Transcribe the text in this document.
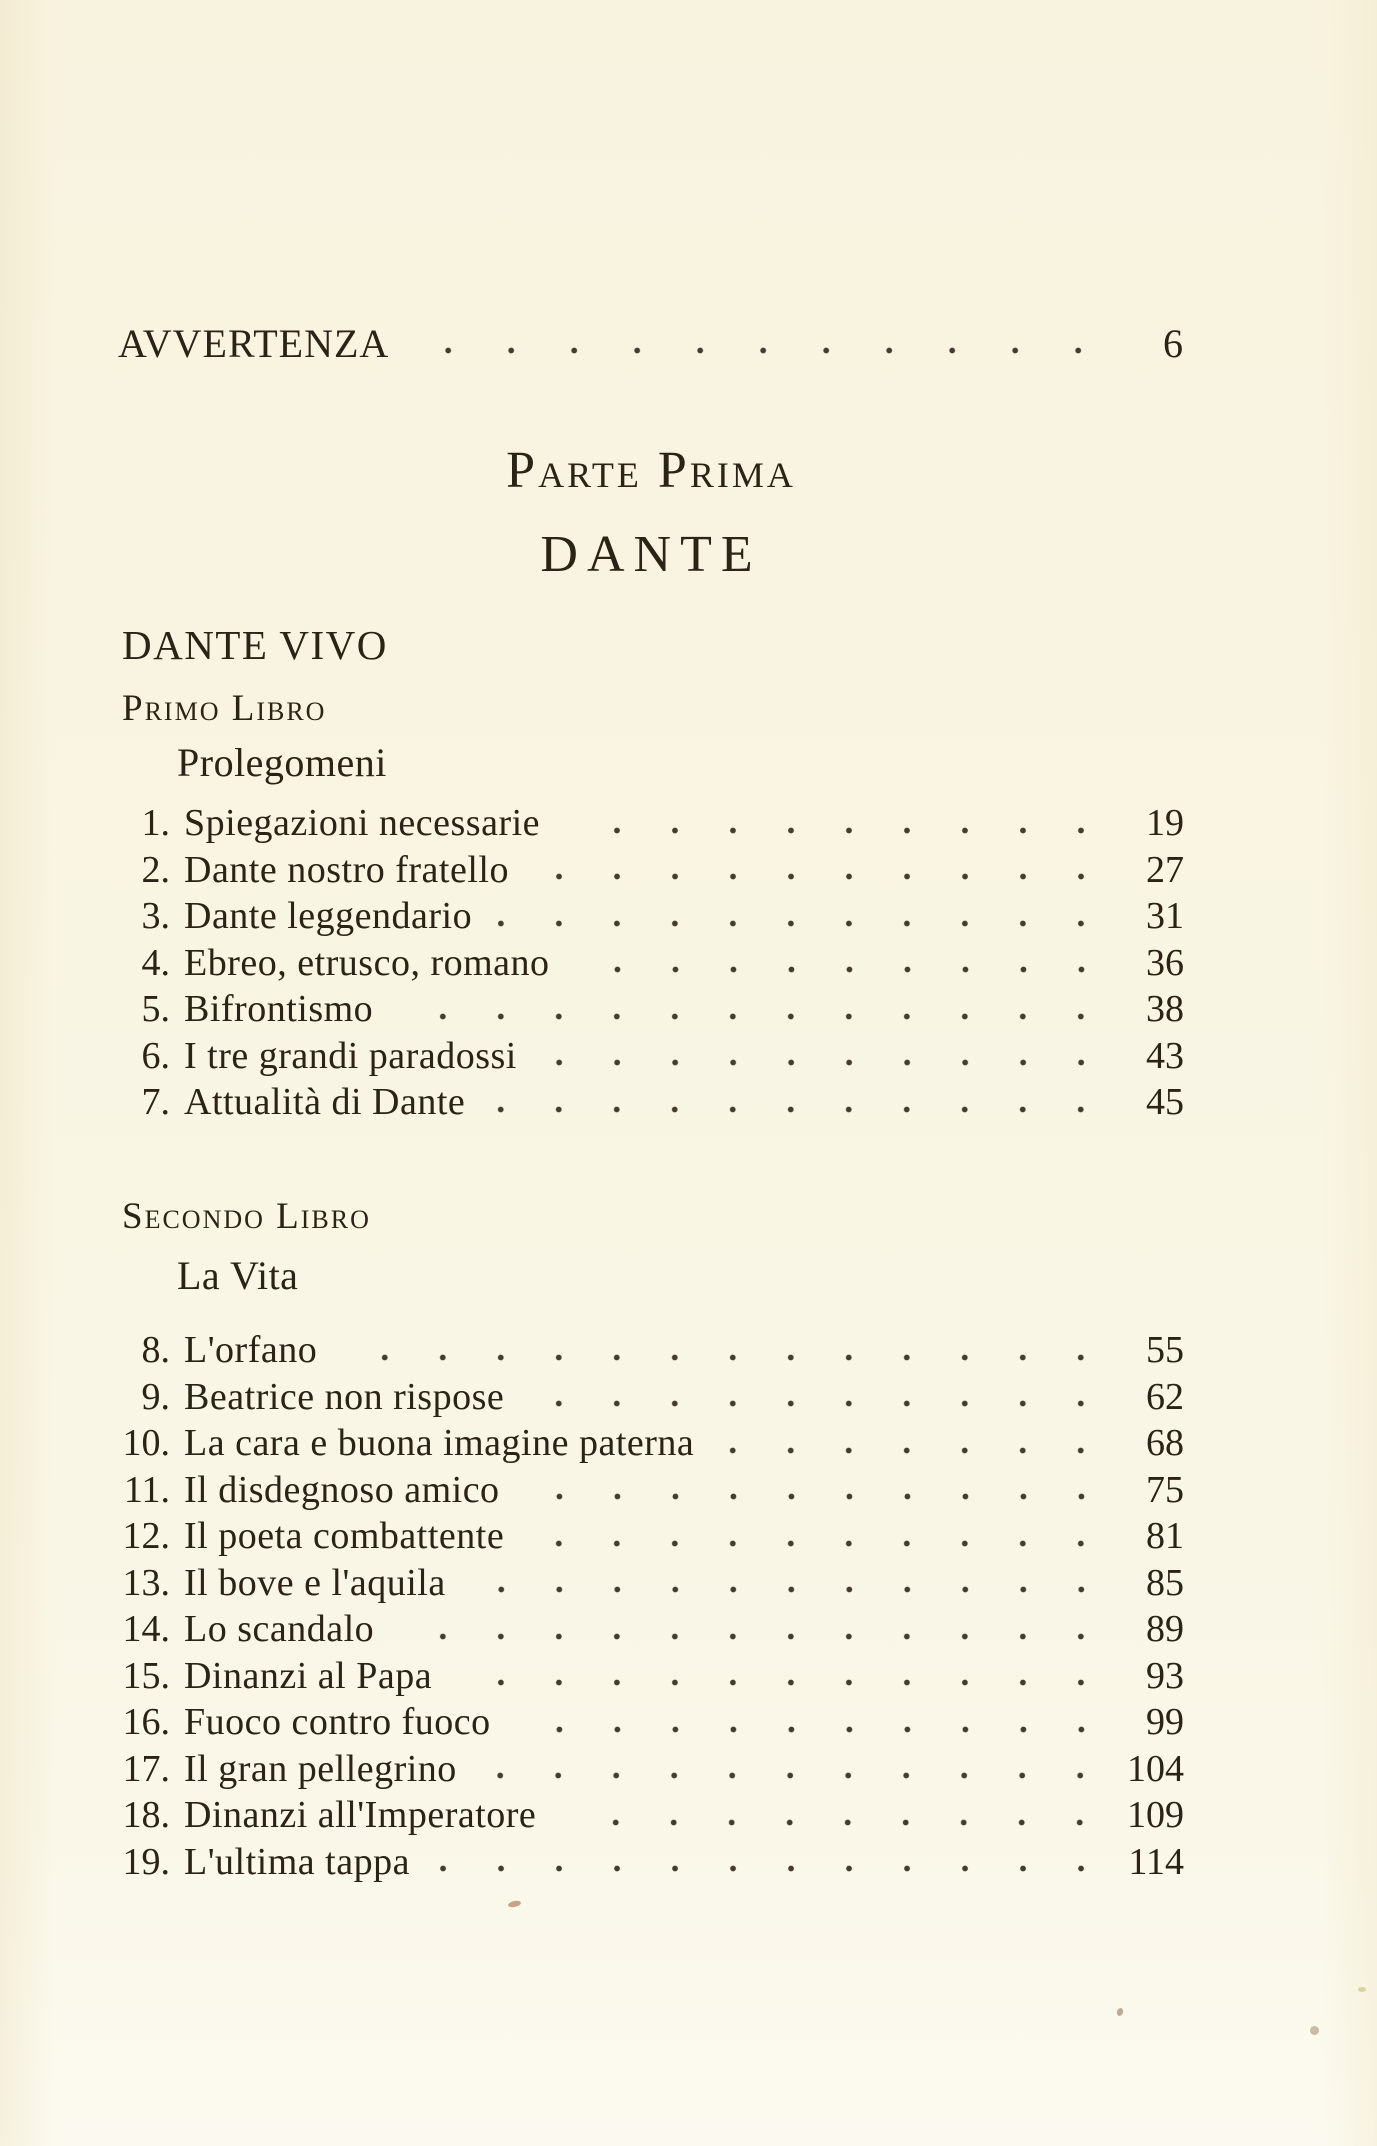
AVVERTENZA	6
Parte Prima
DANTE
DANTE VIVO
Primo Libro
Prolegomeni
1. Spiegazioni necessarie	19
2. Dante nostro fratello	27
3. Dante leggendario	31
4. Ebreo, etrusco, romano	36
5. Bifrontismo	38
6. I tre grandi paradossi	43
7. Attualità di Dante	45
Secondo Libro
La Vita
8. L'orfano	55
9. Beatrice non rispose	62
10. La cara e buona imagine paterna	68
11. Il disdegnoso amico	75
12. Il poeta combattente	81
13. Il bove e l'aquila	85
14. Lo scandalo	89
15. Dinanzi al Papa	93
16. Fuoco contro fuoco	99
17. Il gran pellegrino	104
18. Dinanzi all'Imperatore	109
19. L'ultima tappa	114
